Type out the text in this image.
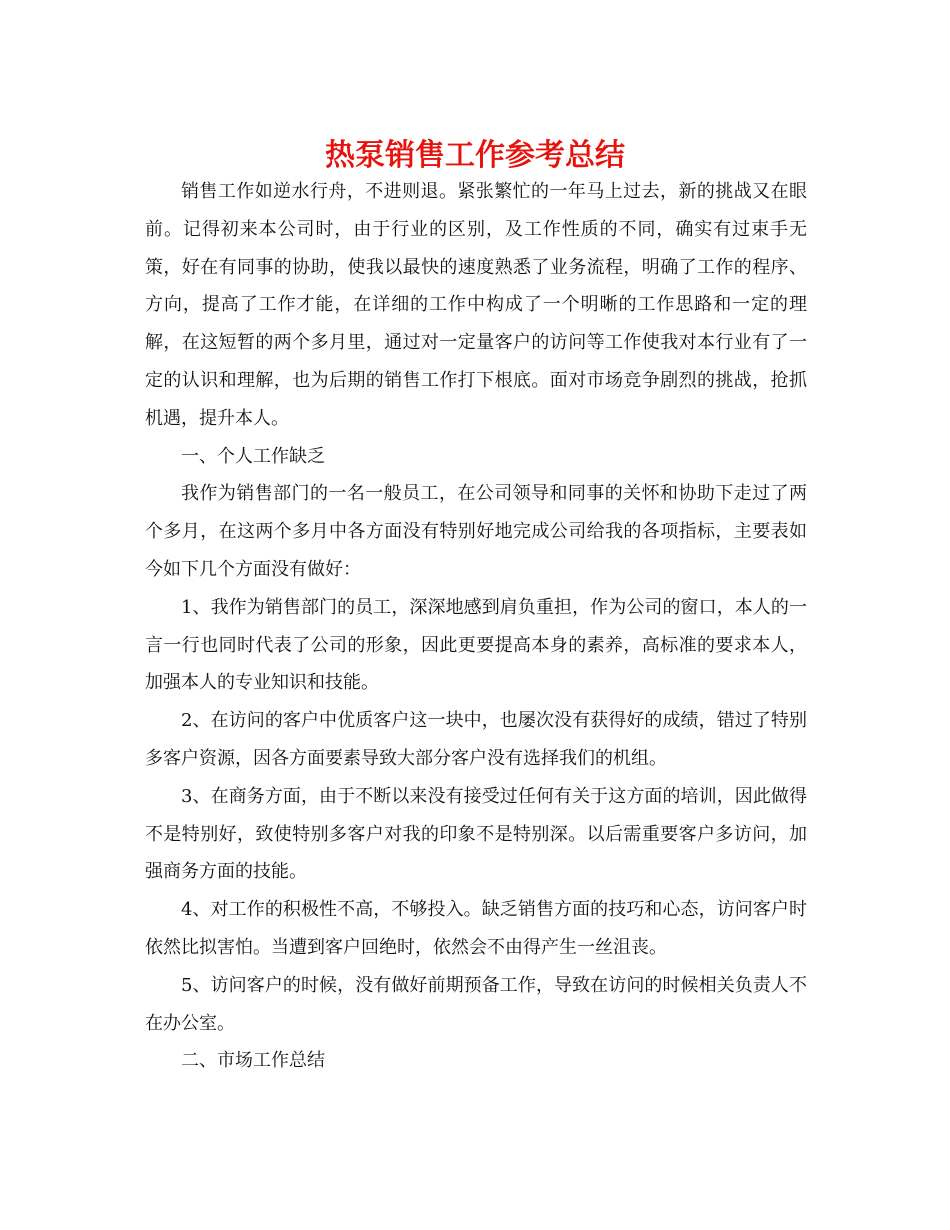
热泵销售工作参考总结

销售工作如逆水行舟，不进则退。紧张繁忙的一年马上过去，新的挑战又在眼前。记得初来本公司时，由于行业的区别，及工作性质的不同，确实有过束手无策，好在有同事的协助，使我以最快的速度熟悉了业务流程，明确了工作的程序、方向，提高了工作才能，在详细的工作中构成了一个明晰的工作思路和一定的理解，在这短暂的两个多月里，通过对一定量客户的访问等工作使我对本行业有了一定的认识和理解，也为后期的销售工作打下根底。面对市场竞争剧烈的挑战，抢抓机遇，提升本人。

一、个人工作缺乏

我作为销售部门的一名一般员工，在公司领导和同事的关怀和协助下走过了两个多月，在这两个多月中各方面没有特别好地完成公司给我的各项指标，主要表如今如下几个方面没有做好：

1、我作为销售部门的员工，深深地感到肩负重担，作为公司的窗口，本人的一言一行也同时代表了公司的形象，因此更要提高本身的素养，高标准的要求本人，加强本人的专业知识和技能。

2、在访问的客户中优质客户这一块中，也屡次没有获得好的成绩，错过了特别多客户资源，因各方面要素导致大部分客户没有选择我们的机组。

3、在商务方面，由于不断以来没有接受过任何有关于这方面的培训，因此做得不是特别好，致使特别多客户对我的印象不是特别深。以后需重要客户多访问，加强商务方面的技能。

4、对工作的积极性不高，不够投入。缺乏销售方面的技巧和心态，访问客户时依然比拟害怕。当遭到客户回绝时，依然会不由得产生一丝沮丧。

5、访问客户的时候，没有做好前期预备工作，导致在访问的时候相关负责人不在办公室。

二、市场工作总结
